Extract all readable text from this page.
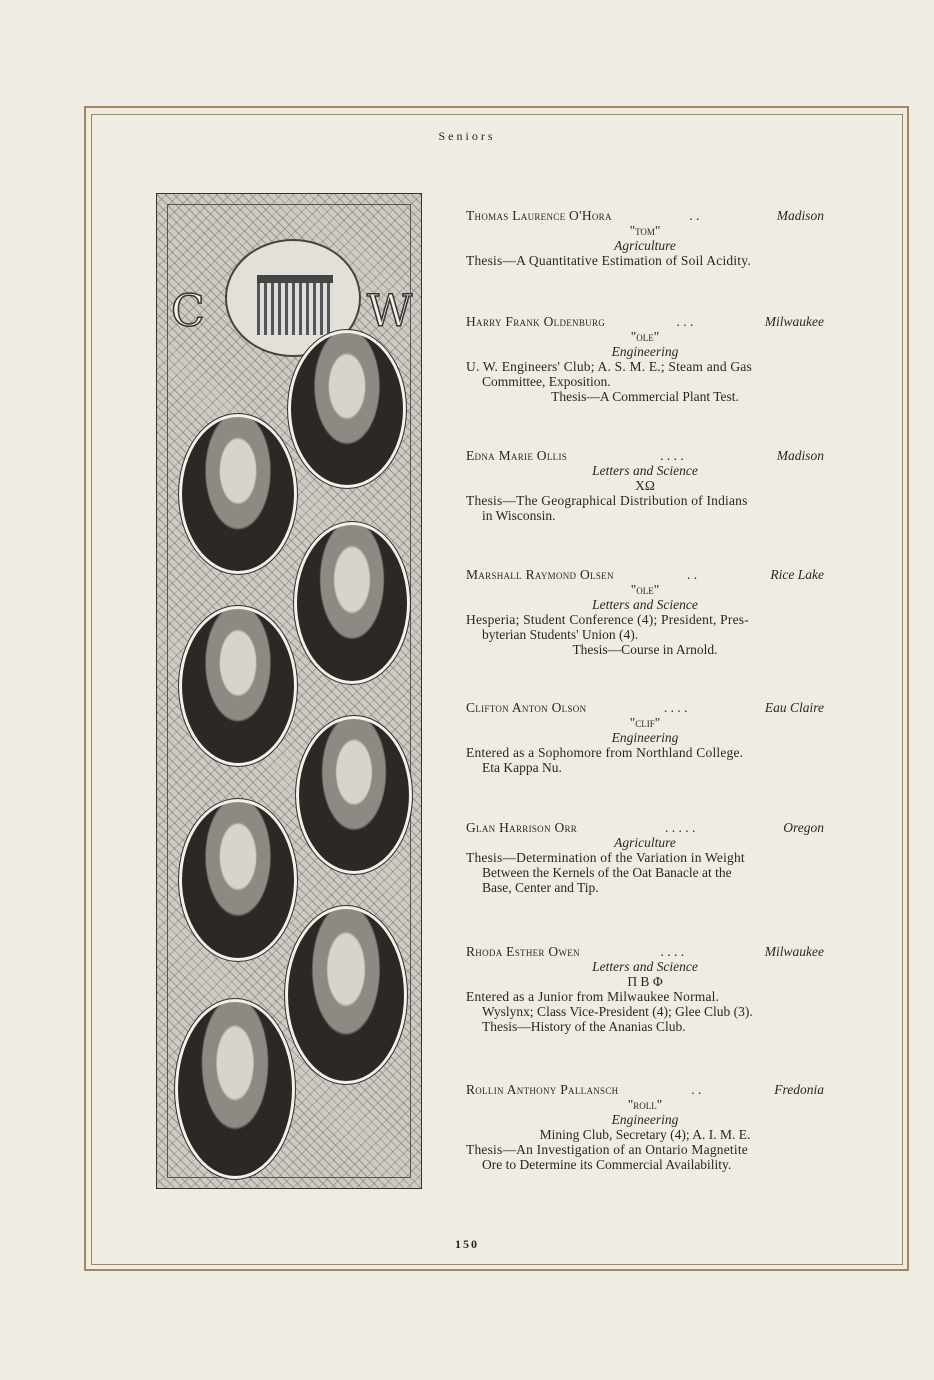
Seniors
C	W
Thomas Laurence O'Hora	. .	Madison
"tom"
Agriculture
Thesis—A Quantitative Estimation of Soil Acidity.
Harry Frank Oldenburg	. . .	Milwaukee
"ole"
Engineering
U. W. Engineers' Club; A. S. M. E.; Steam and Gas
Committee, Exposition.
Thesis—A Commercial Plant Test.
Edna Marie Ollis	. . . .	Madison
Letters and Science
ΧΩ
Thesis—The Geographical Distribution of Indians
in Wisconsin.
Marshall Raymond Olsen	. .	Rice Lake
"ole"
Letters and Science
Hesperia; Student Conference (4); President, Pres-
byterian Students' Union (4).
Thesis—Course in Arnold.
Clifton Anton Olson	. . . .	Eau Claire
"clif"
Engineering
Entered as a Sophomore from Northland College.
Eta Kappa Nu.
Glan Harrison Orr	. . . . .	Oregon
Agriculture
Thesis—Determination of the Variation in Weight
Between the Kernels of the Oat Banacle at the
Base, Center and Tip.
Rhoda Esther Owen	. . . .	Milwaukee
Letters and Science
Π Β Φ
Entered as a Junior from Milwaukee Normal.
Wyslynx; Class Vice-President (4); Glee Club (3).
Thesis—History of the Ananias Club.
Rollin Anthony Pallansch	. .	Fredonia
"roll"
Engineering
Mining Club, Secretary (4); A. I. M. E.
Thesis—An Investigation of an Ontario Magnetite
Ore to Determine its Commercial Availability.
150
